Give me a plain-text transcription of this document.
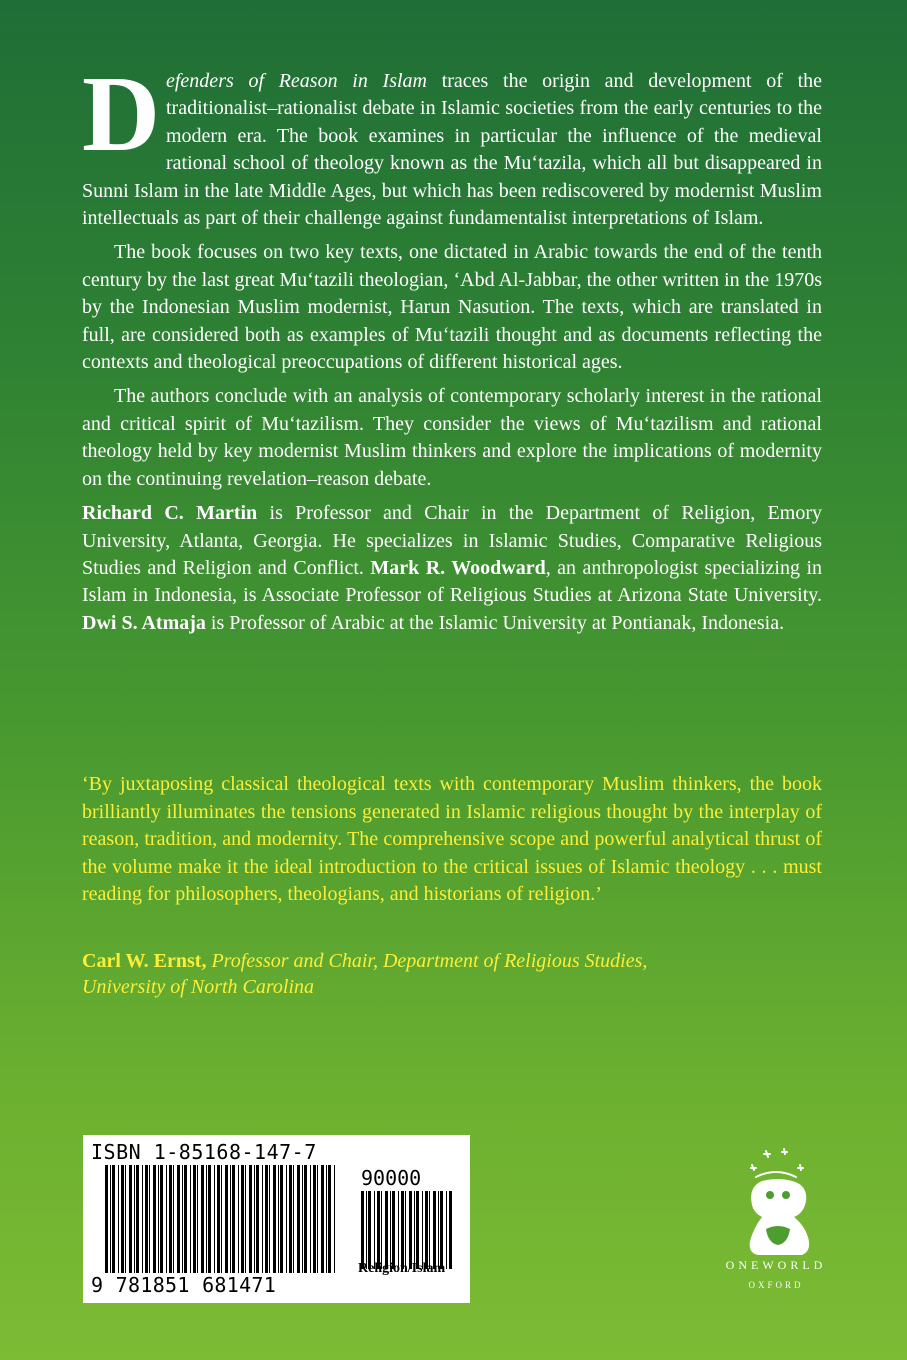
Defenders of Reason in Islam traces the origin and development of the traditionalist–rationalist debate in Islamic societies from the early centuries to the modern era. The book examines in particular the influence of the medieval rational school of theology known as the Mu‘tazila, which all but disappeared in Sunni Islam in the late Middle Ages, but which has been rediscovered by modernist Muslim intellectuals as part of their challenge against fundamentalist interpretations of Islam.

The book focuses on two key texts, one dictated in Arabic towards the end of the tenth century by the last great Mu‘tazili theologian, ‘Abd Al-Jabbar, the other written in the 1970s by the Indonesian Muslim modernist, Harun Nasution. The texts, which are translated in full, are considered both as examples of Mu‘tazili thought and as documents reflecting the contexts and theological preoccupations of different historical ages.

The authors conclude with an analysis of contemporary scholarly interest in the rational and critical spirit of Mu‘tazilism. They consider the views of Mu‘tazilism and rational theology held by key modernist Muslim thinkers and explore the implications of modernity on the continuing revelation–reason debate.

Richard C. Martin is Professor and Chair in the Department of Religion, Emory University, Atlanta, Georgia. He specializes in Islamic Studies, Comparative Religious Studies and Religion and Conflict. Mark R. Woodward, an anthropologist specializing in Islam in Indonesia, is Associate Professor of Religious Studies at Arizona State University. Dwi S. Atmaja is Professor of Arabic at the Islamic University at Pontianak, Indonesia.

‘By juxtaposing classical theological texts with contemporary Muslim thinkers, the book brilliantly illuminates the tensions generated in Islamic religious thought by the interplay of reason, tradition, and modernity. The comprehensive scope and powerful analytical thrust of the volume make it the ideal introduction to the critical issues of Islamic theology . . . must reading for philosophers, theologians, and historians of religion.’

Carl W. Ernst, Professor and Chair, Department of Religious Studies,
University of North Carolina
ISBN 1-85168-147-7
90000
9 781851 681471
Religion/Islam	ONEWORLD
OXFORD
